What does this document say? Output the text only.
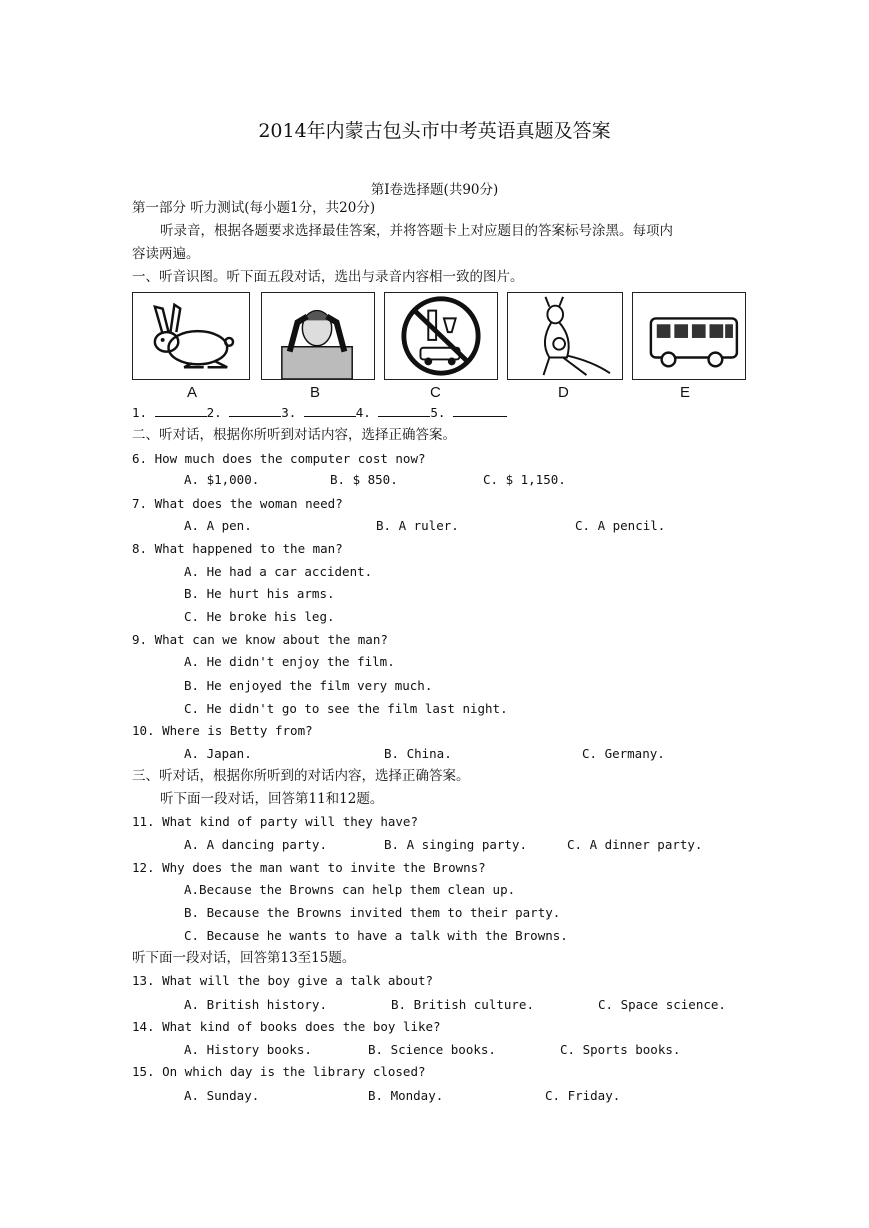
2014年内蒙古包头市中考英语真题及答案
第Ⅰ卷选择题(共90分)
第一部分 听力测试(每小题1分，共20分)
听录音，根据各题要求选择最佳答案，并将答题卡上对应题目的答案标号涂黑。每项内
容读两遍。
一、听音识图。听下面五段对话，选出与录音内容相一致的图片。
A	B	C	D	E
1.	2.	3.	4.	5.
二、听对话，根据你所听到对话内容，选择正确答案。
6. How much does the computer cost now?
A. $1,000.	B. $ 850.	C. $ 1,150.
7. What does the woman need?
A. A pen.	B. A ruler.	C. A pencil.
8. What happened to the man?
A. He had a car accident.
B. He hurt his arms.
C. He broke his leg.
9. What can we know about the man?
A. He didn't enjoy the film.
B. He enjoyed the film very much.
C. He didn't go to see the film last night.
10. Where is Betty from?
A. Japan.	B. China.	C. Germany.
三、听对话，根据你所听到的对话内容，选择正确答案。
听下面一段对话，回答第11和12题。
11. What kind of party will they have?
A. A dancing party.	B. A singing party.	C. A dinner party.
12. Why does the man want to invite the Browns?
A.Because the Browns can help them clean up.
B. Because the Browns invited them to their party.
C. Because he wants to have a talk with the Browns.
听下面一段对话，回答第13至15题。
13. What will the boy give a talk about?
A. British history.	B. British culture.	C. Space science.
14. What kind of books does the boy like?
A. History books.	B. Science books.	C. Sports books.
15. On which day is the library closed?
A. Sunday.	B. Monday.	C. Friday.
